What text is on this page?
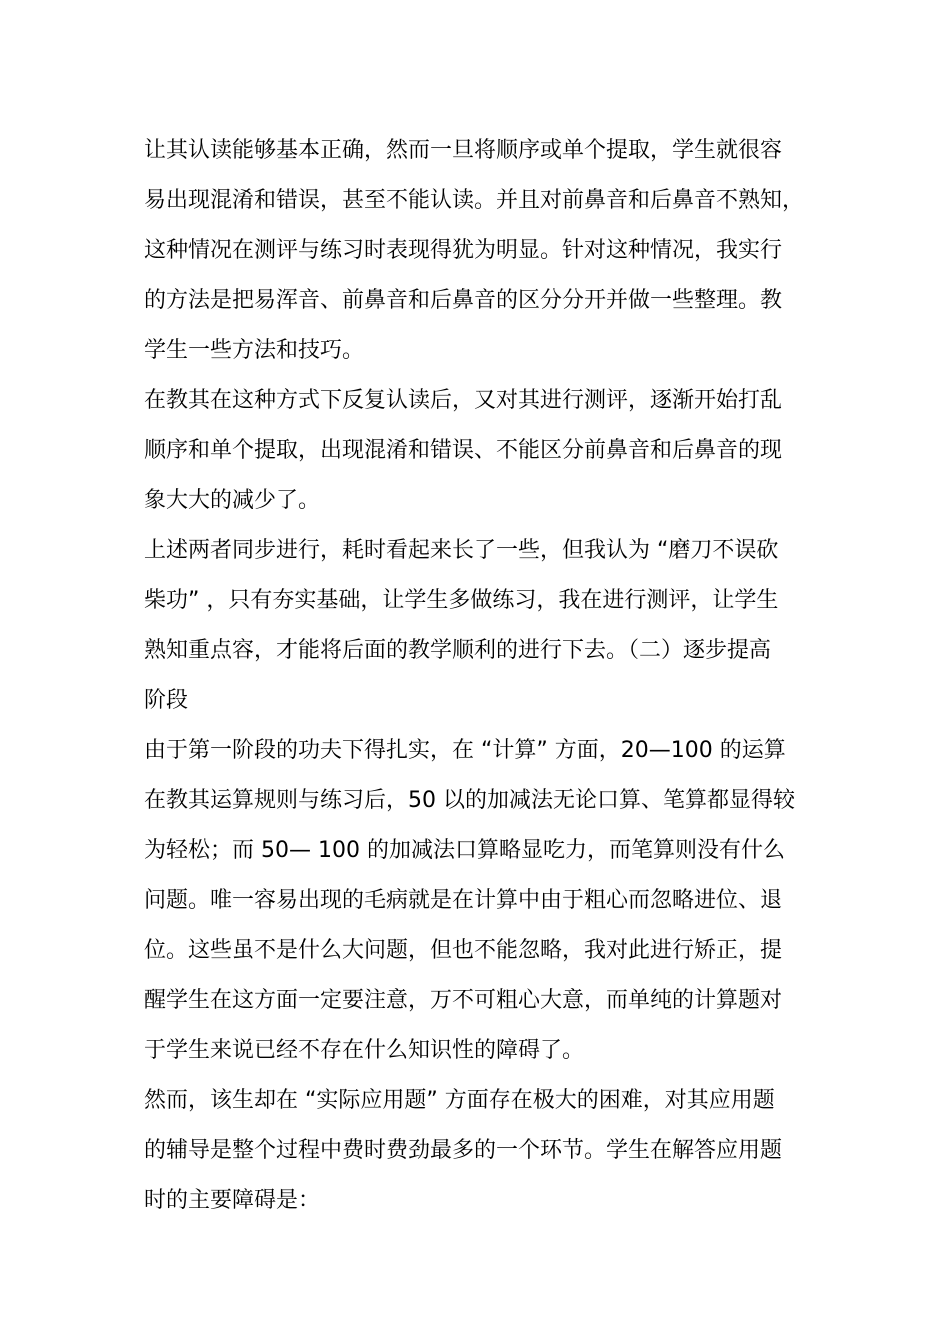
让其认读能够基本正确，然而一旦将顺序或单个提取，学生就很容
易出现混淆和错误，甚至不能认读。并且对前鼻音和后鼻音不熟知，
这种情况在测评与练习时表现得犹为明显。针对这种情况，我实行
的方法是把易浑音、前鼻音和后鼻音的区分分开并做一些整理。教
学生一些方法和技巧。

在教其在这种方式下反复认读后，又对其进行测评，逐渐开始打乱
顺序和单个提取，出现混淆和错误、不能区分前鼻音和后鼻音的现
象大大的减少了。

上述两者同步进行，耗时看起来长了一些，但我认为 “磨刀不误砍
柴功” ，只有夯实基础，让学生多做练习，我在进行测评，让学生
熟知重点容，才能将后面的教学顺利的进行下去。（二）逐步提高
阶段

由于第一阶段的功夫下得扎实，在 “计算” 方面，20—100 的运算
在教其运算规则与练习后，50 以的加减法无论口算、笔算都显得较
为轻松；而 50— 100 的加减法口算略显吃力，而笔算则没有什么
问题。唯一容易出现的毛病就是在计算中由于粗心而忽略进位、退
位。这些虽不是什么大问题，但也不能忽略，我对此进行矫正，提
醒学生在这方面一定要注意，万不可粗心大意，而单纯的计算题对
于学生来说已经不存在什么知识性的障碍了。

然而，该生却在 “实际应用题” 方面存在极大的困难，对其应用题
的辅导是整个过程中费时费劲最多的一个环节。学生在解答应用题
时的主要障碍是：
